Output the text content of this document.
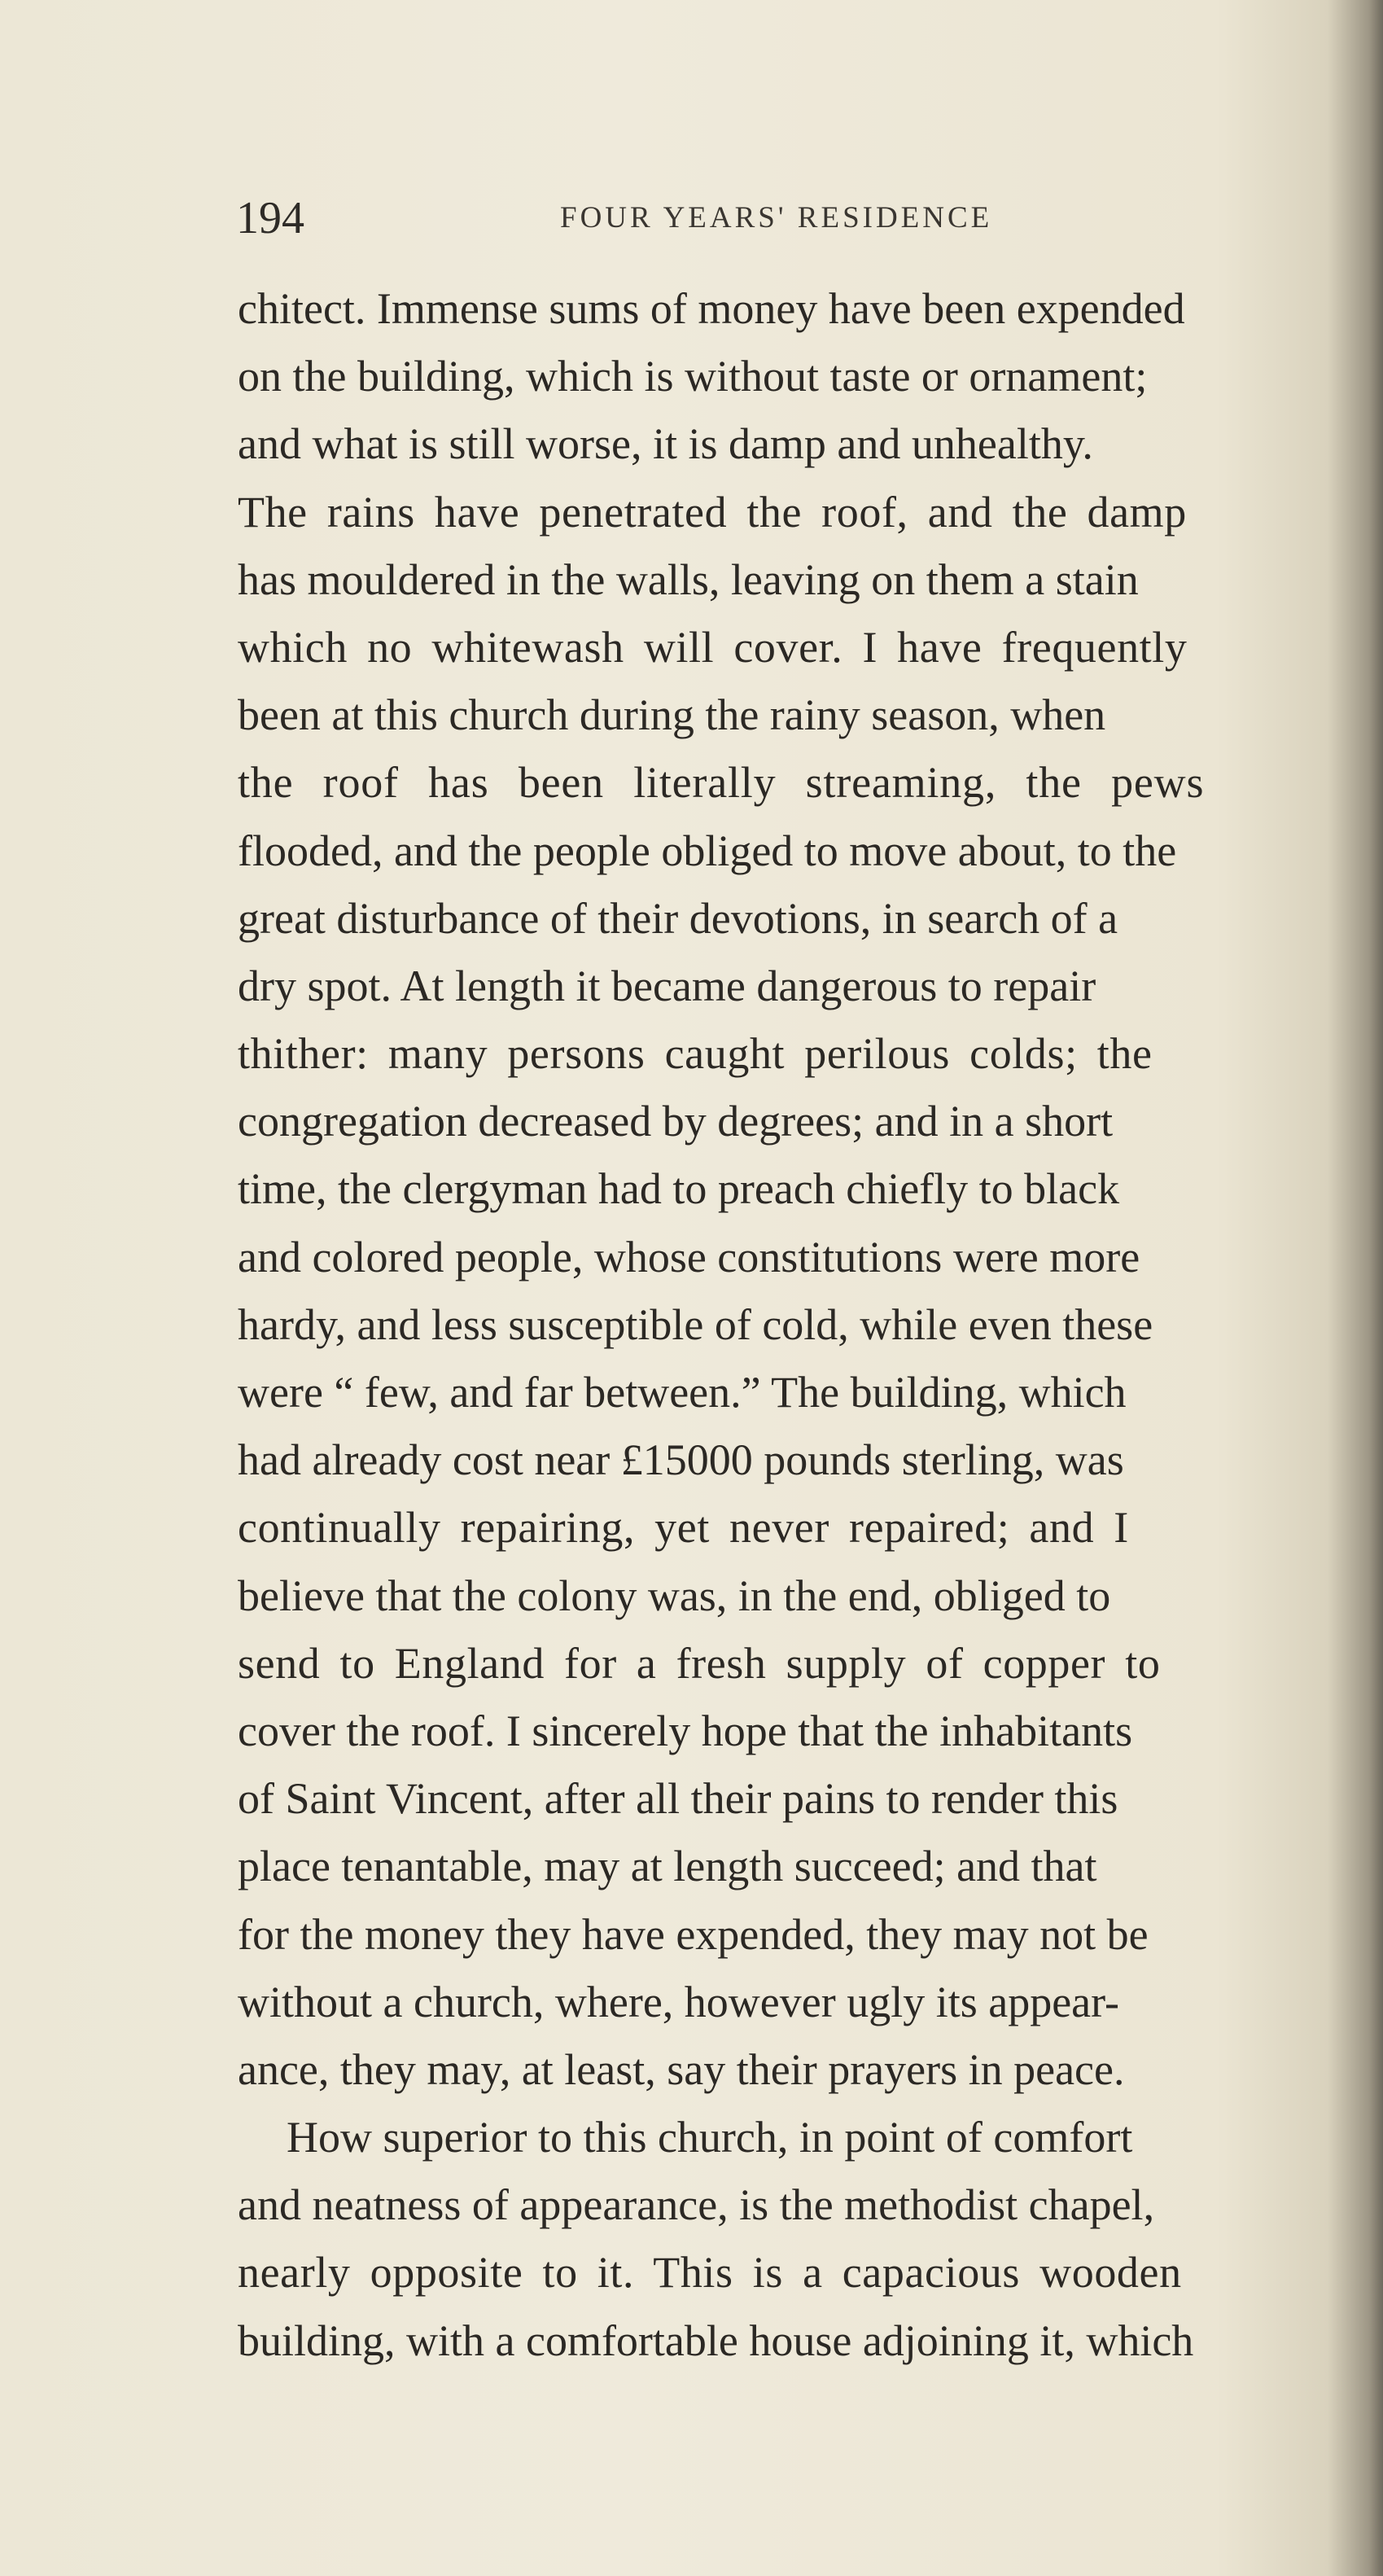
194	FOUR YEARS' RESIDENCE
chitect. Immense sums of money have been expended
on the building, which is without taste or ornament;
and what is still worse, it is damp and unhealthy.
The rains have penetrated the roof, and the damp
has mouldered in the walls, leaving on them a stain
which no whitewash will cover. I have frequently
been at this church during the rainy season, when
the roof has been literally streaming, the pews
flooded, and the people obliged to move about, to the
great disturbance of their devotions, in search of a
dry spot. At length it became dangerous to repair
thither: many persons caught perilous colds; the
congregation decreased by degrees; and in a short
time, the clergyman had to preach chiefly to black
and colored people, whose constitutions were more
hardy, and less susceptible of cold, while even these
were “ few, and far between.” The building, which
had already cost near £15000 pounds sterling, was
continually repairing, yet never repaired; and I
believe that the colony was, in the end, obliged to
send to England for a fresh supply of copper to
cover the roof. I sincerely hope that the inhabitants
of Saint Vincent, after all their pains to render this
place tenantable, may at length succeed; and that
for the money they have expended, they may not be
without a church, where, however ugly its appear-
ance, they may, at least, say their prayers in peace.
How superior to this church, in point of comfort
and neatness of appearance, is the methodist chapel,
nearly opposite to it. This is a capacious wooden
building, with a comfortable house adjoining it, which
